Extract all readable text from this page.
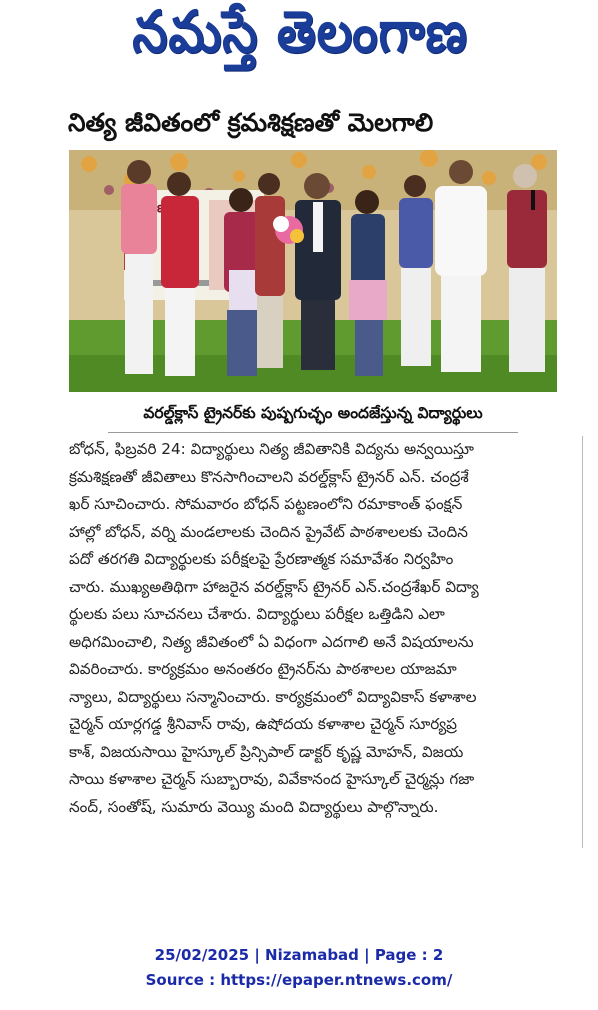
నమస్తే తెలంగాణ
నిత్య జీవితంలో క్రమశిక్షణతో మెలగాలి
రణ
వరల్డ్‌క్లాస్ ట్రైనర్‌కు పుష్పగుచ్ఛం అందజేస్తున్న విద్యార్థులు
బోధన్, ఫిబ్రవరి 24: విద్యార్థులు నిత్య జీవితానికి విద్యను అన్వయిస్తూ
క్రమశిక్షణతో జీవితాలు కొనసాగించాలని వరల్డ్‌క్లాస్ ట్రైనర్ ఎన్. చంద్రశే
ఖర్ సూచించారు. సోమవారం బోధన్ పట్టణంలోని రమాకాంత్ ఫంక్షన్
హాల్లో బోధన్, వర్ని మండలాలకు చెందిన ప్రైవేట్ పాఠశాలలకు చెందిన
పదో తరగతి విద్యార్థులకు పరీక్షలపై ప్రేరణాత్మక సమావేశం నిర్వహిం
చారు. ముఖ్యఅతిథిగా హాజరైన వరల్డ్‌క్లాస్ ట్రైనర్ ఎన్.చంద్రశేఖర్ విద్యా
ర్థులకు పలు సూచనలు చేశారు. విద్యార్థులు పరీక్షల ఒత్తిడిని ఎలా
అధిగమించాలి, నిత్య జీవితంలో ఏ విధంగా ఎదగాలి అనే విషయాలను
వివరించారు. కార్యక్రమం అనంతరం ట్రైనర్‌ను పాఠశాలల యాజమా
న్యాలు, విద్యార్థులు సన్మానించారు. కార్యక్రమంలో విద్యావికాస్ కళాశాల
చైర్మన్ యార్లగడ్డ శ్రీనివాస్ రావు, ఉషోదయ కళాశాల చైర్మన్ సూర్యప్ర
కాశ్, విజయసాయి హైస్కూల్ ప్రిన్సిపాల్ డాక్టర్ కృష్ణ మోహన్, విజయ
సాయి కళాశాల చైర్మన్ సుబ్బారావు, వివేకానంద హైస్కూల్ చైర్మన్లు గజా
నంద్, సంతోష్, సుమారు వెయ్యి మంది విద్యార్థులు పాల్గొన్నారు.
25/02/2025 | Nizamabad | Page : 2
Source : https://epaper.ntnews.com/
